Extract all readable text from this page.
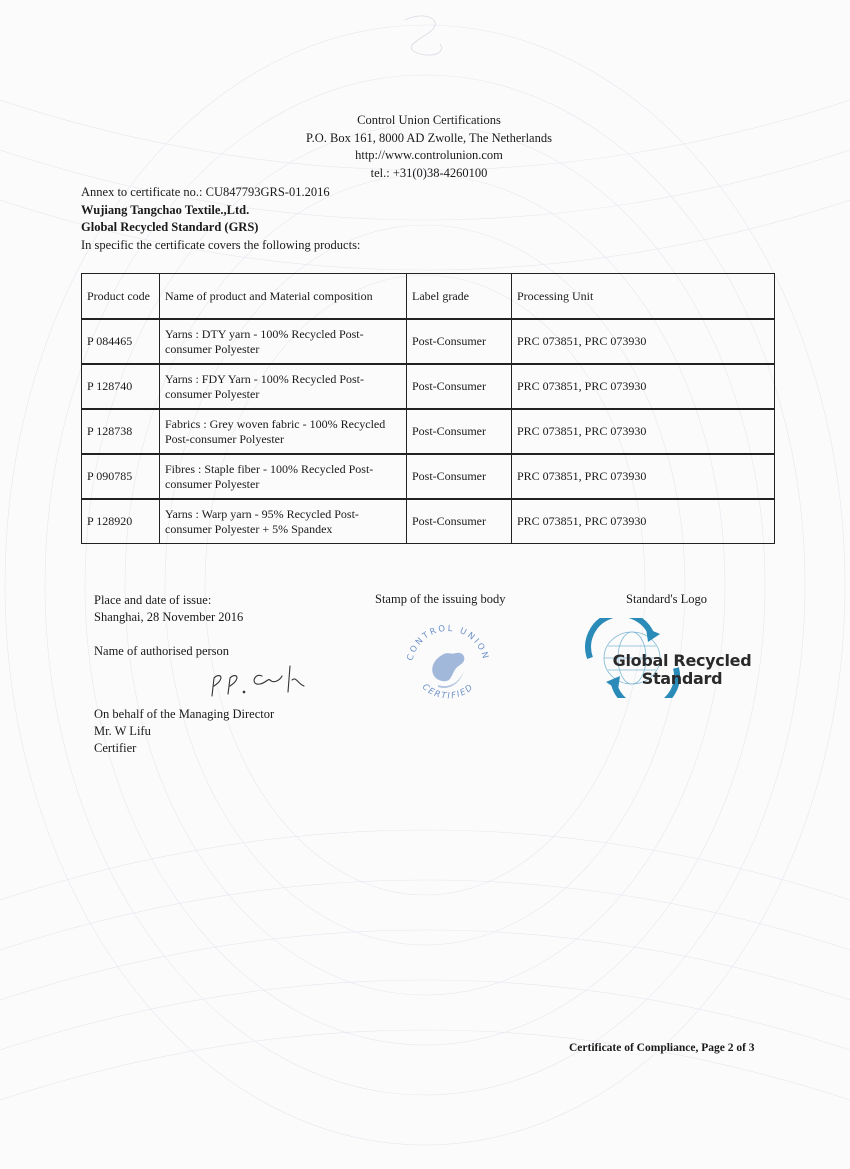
Control Union Certifications
P.O. Box 161, 8000 AD Zwolle, The Netherlands
http://www.controlunion.com
tel.: +31(0)38-4260100
Annex to certificate no.: CU847793GRS-01.2016
Wujiang Tangchao Textile.,Ltd.
Global Recycled Standard (GRS)
In specific the certificate covers the following products:
Product code	Name of product and Material composition	Label grade	Processing Unit
P 084465	Yarns : DTY yarn - 100% Recycled Post-consumer Polyester	Post-Consumer	PRC 073851, PRC 073930
P 128740	Yarns : FDY Yarn - 100% Recycled Post-consumer Polyester	Post-Consumer	PRC 073851, PRC 073930
P 128738	Fabrics : Grey woven fabric - 100% Recycled Post-consumer Polyester	Post-Consumer	PRC 073851, PRC 073930
P 090785	Fibres : Staple fiber - 100% Recycled Post-consumer Polyester	Post-Consumer	PRC 073851, PRC 073930
P 128920	Yarns : Warp yarn - 95% Recycled Post-consumer Polyester + 5% Spandex	Post-Consumer	PRC 073851, PRC 073930
Place and date of issue:
Shanghai, 28 November 2016
Name of authorised person
On behalf of the Managing Director
Mr. W Lifu
Certifier
Stamp of the issuing body
CONTROL UNION
CERTIFIED
Standard's Logo
Global Recycled
Standard
Certificate of Compliance, Page 2 of 3
